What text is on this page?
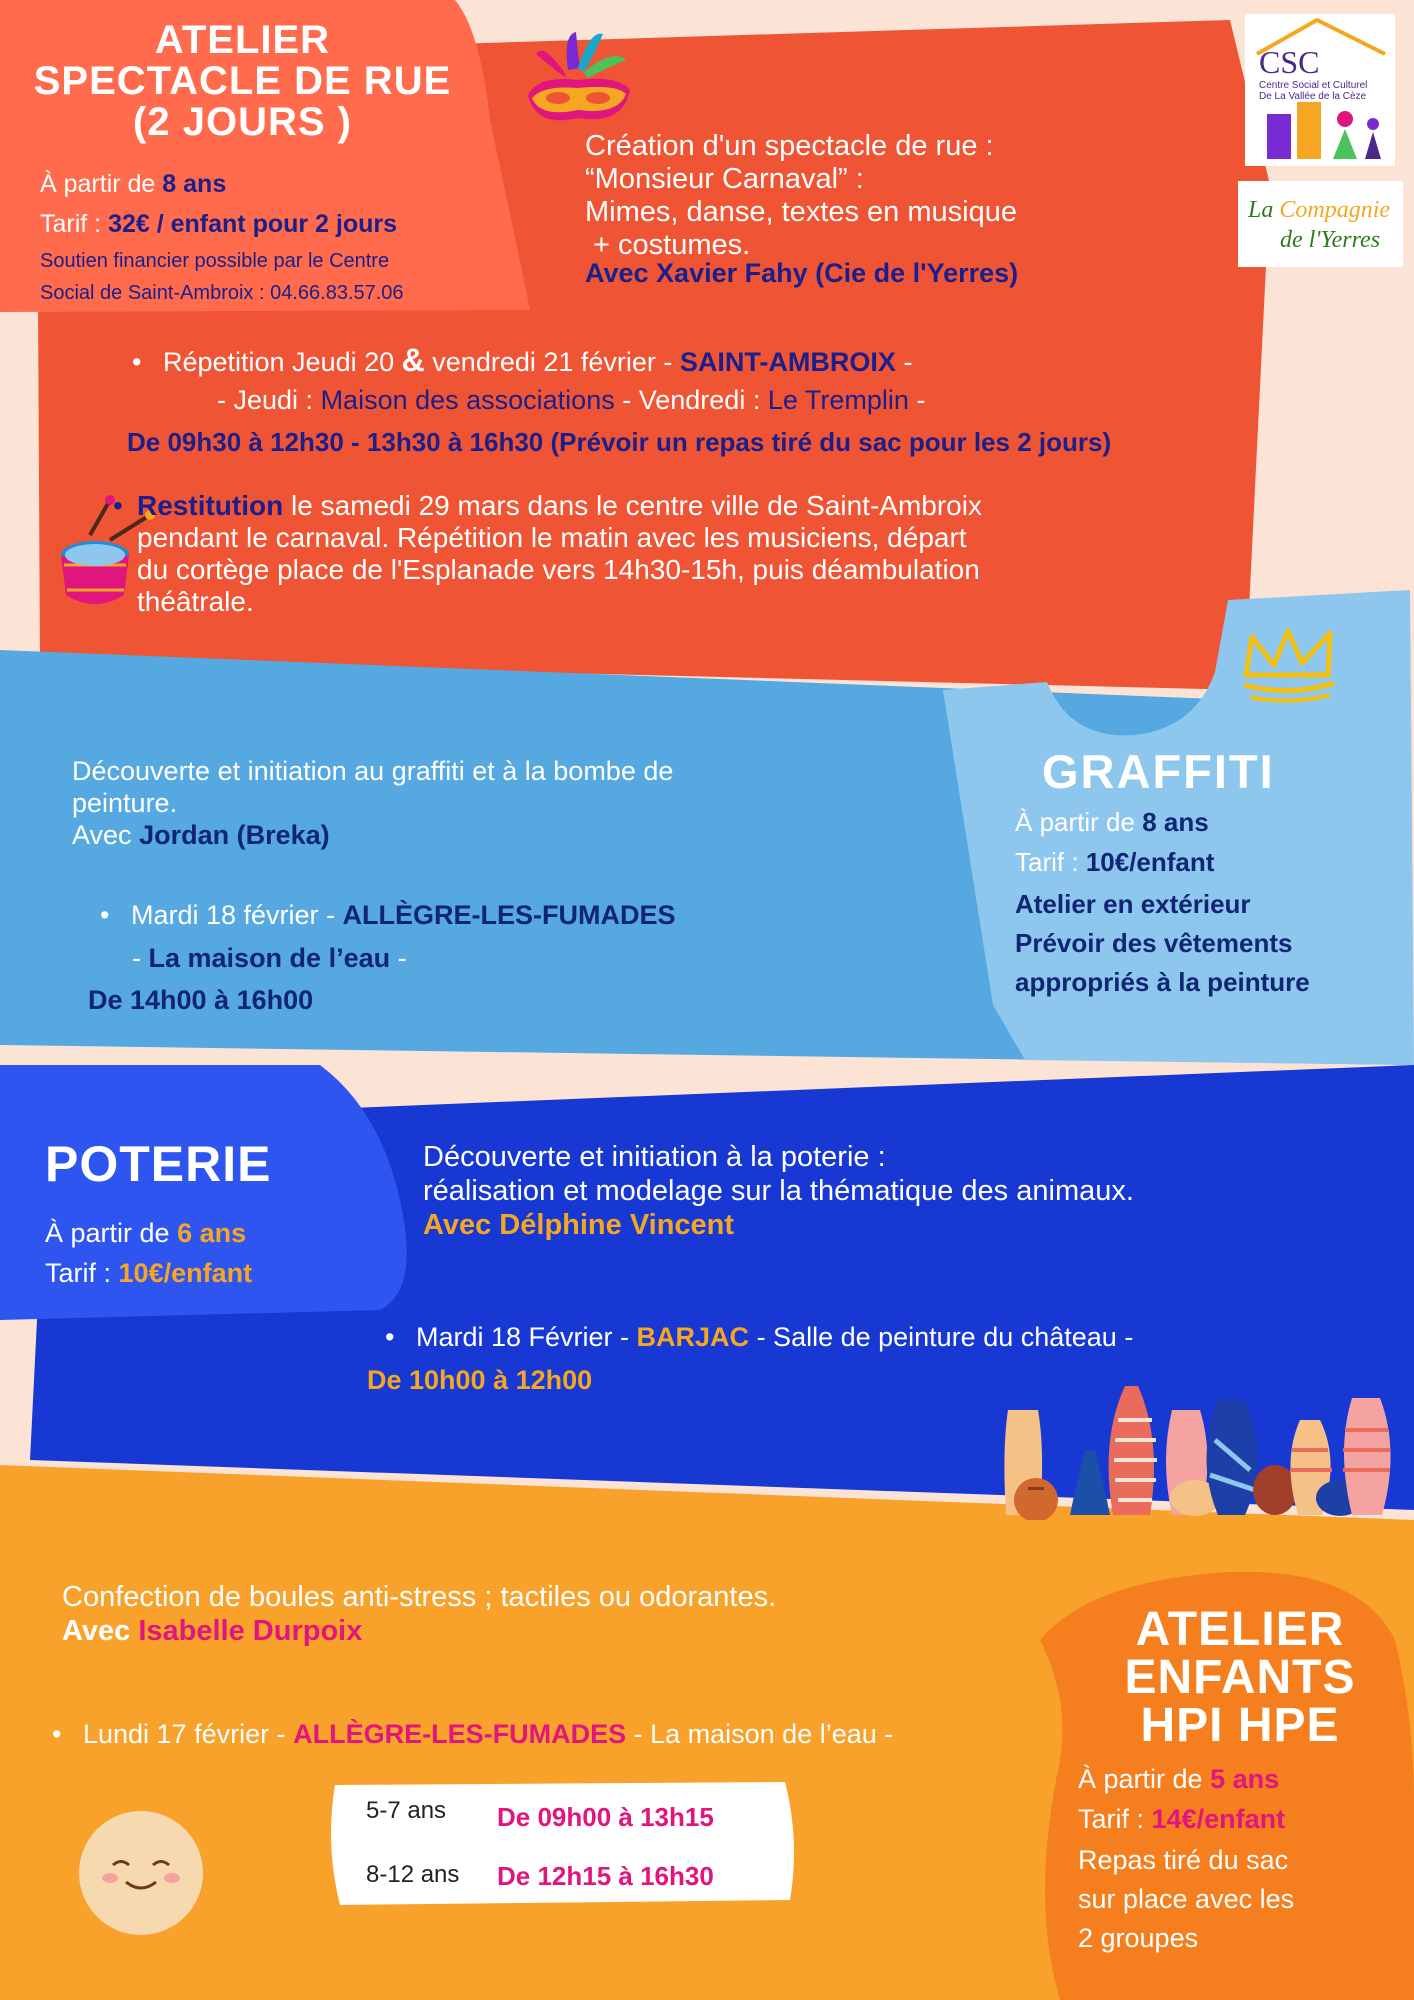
CSC
Centre Social et Culturel
De La Vallée de la Cèze
La Compagnie
de l'Yerres
ATELIER
SPECTACLE DE RUE
(2 JOURS )
À partir de 8 ans
Tarif : 32€ / enfant pour 2 jours
Soutien financier possible par le Centre
Social de Saint-Ambroix : 04.66.83.57.06
Création d'un spectacle de rue :
“Monsieur Carnaval” :
Mimes, danse, textes en musique
+ costumes.
Avec Xavier Fahy (Cie de l'Yerres)
• Répetition Jeudi 20 & vendredi 21 février - SAINT-AMBROIX -
- Jeudi : Maison des associations - Vendredi : Le Tremplin -
De 09h30 à 12h30 - 13h30 à 16h30 (Prévoir un repas tiré du sac pour les 2 jours)
• Restitution le samedi 29 mars dans le centre ville de Saint-Ambroix
pendant le carnaval. Répétition le matin avec les musiciens, départ
du cortège place de l'Esplanade vers 14h30-15h, puis déambulation
théâtrale.
Découverte et initiation au graffiti et à la bombe de
peinture.
Avec Jordan (Breka)
• Mardi 18 février - ALLÈGRE-LES-FUMADES
- La maison de l’eau -
De 14h00 à 16h00
GRAFFITI
À partir de 8 ans
Tarif : 10€/enfant
Atelier en extérieur
Prévoir des vêtements
appropriés à la peinture
POTERIE
À partir de 6 ans
Tarif : 10€/enfant
Découverte et initiation à la poterie :
réalisation et modelage sur la thématique des animaux.
Avec Délphine Vincent
• Mardi 18 Février - BARJAC - Salle de peinture du château -
De 10h00 à 12h00
Confection de boules anti-stress ; tactiles ou odorantes.
Avec Isabelle Durpoix
• Lundi 17 février - ALLÈGRE-LES-FUMADES - La maison de l’eau -
5-7 ans De 09h00 à 13h15
8-12 ans De 12h15 à 16h30
ATELIER
ENFANTS
HPI HPE
À partir de 5 ans
Tarif : 14€/enfant
Repas tiré du sac
sur place avec les
2 groupes
